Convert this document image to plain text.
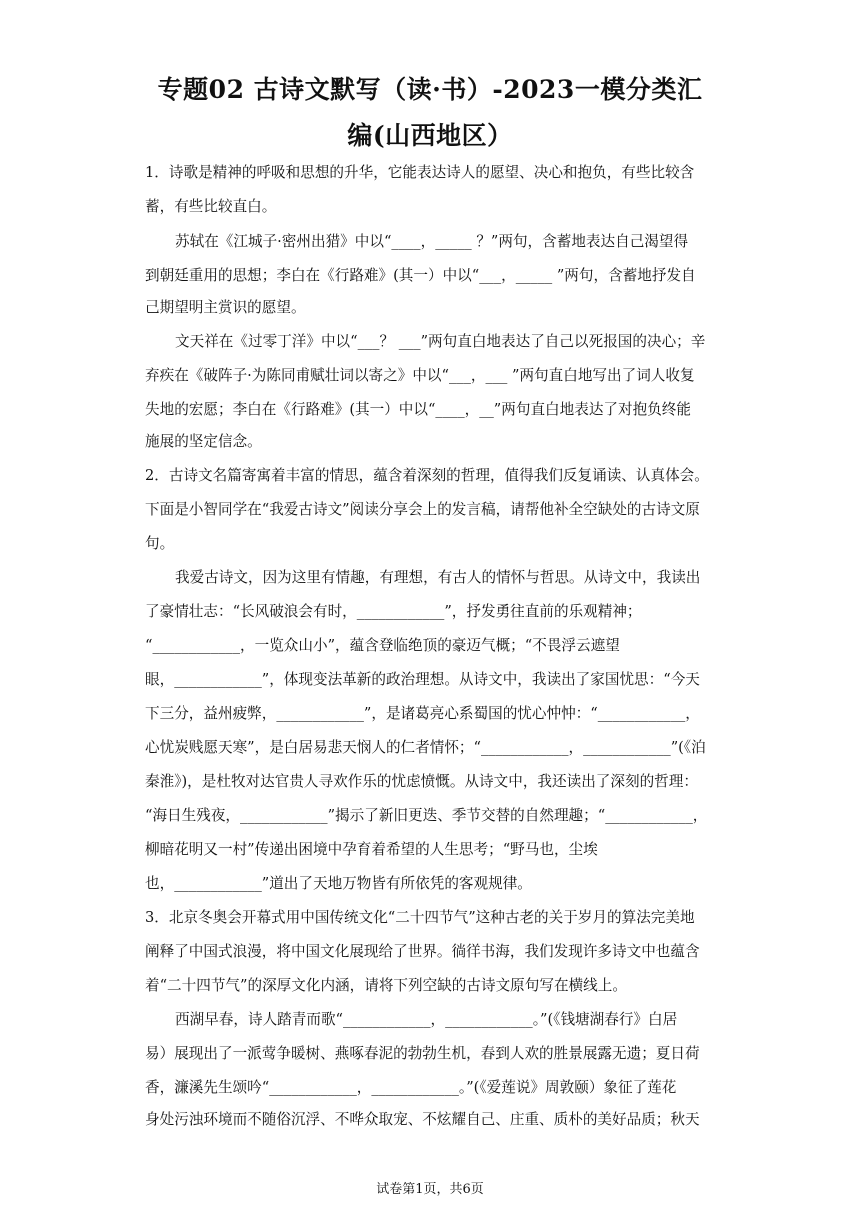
专题02 古诗文默写（读·书）-2023一模分类汇
编(山西地区）
1．诗歌是精神的呼吸和思想的升华，它能表达诗人的愿望、决心和抱负，有些比较含
蓄，有些比较直白。
苏轼在《江城子·密州出猎》中以“____，_____ ？”两句，含蓄地表达自己渴望得
到朝廷重用的思想；李白在《行路难》(其一）中以“___，_____ ”两句，含蓄地抒发自
己期望明主赏识的愿望。
文天祥在《过零丁洋》中以“___？ ___”两句直白地表达了自己以死报国的决心；辛
弃疾在《破阵子·为陈同甫赋壮词以寄之》中以“___，___ ”两句直白地写出了词人收复
失地的宏愿；李白在《行路难》(其一）中以“____，__”两句直白地表达了对抱负终能
施展的坚定信念。
2．古诗文名篇寄寓着丰富的情思，蕴含着深刻的哲理，值得我们反复诵读、认真体会。
下面是小智同学在“我爱古诗文”阅读分享会上的发言稿，请帮他补全空缺处的古诗文原
句。
我爱古诗文，因为这里有情趣，有理想，有古人的情怀与哲思。从诗文中，我读出
了豪情壮志：“长风破浪会有时，____________”，抒发勇往直前的乐观精神；
“____________，一览众山小”，蕴含登临绝顶的豪迈气概；“不畏浮云遮望
眼，____________”，体现变法革新的政治理想。从诗文中，我读出了家国忧思：“今天
下三分，益州疲弊，____________”，是诸葛亮心系蜀国的忧心忡忡：“____________，
心忧炭贱愿天寒”，是白居易悲天悯人的仁者情怀；“____________，____________”(《泊
秦淮》)，是杜牧对达官贵人寻欢作乐的忧虑愤慨。从诗文中，我还读出了深刻的哲理：
“海日生残夜，____________”揭示了新旧更迭、季节交替的自然理趣；“____________，
柳暗花明又一村”传递出困境中孕育着希望的人生思考；“野马也，尘埃
也，____________”道出了天地万物皆有所依凭的客观规律。
3．北京冬奥会开幕式用中国传统文化“二十四节气”这种古老的关于岁月的算法完美地
阐释了中国式浪漫，将中国文化展现给了世界。徜徉书海，我们发现许多诗文中也蕴含
着“二十四节气”的深厚文化内涵，请将下列空缺的古诗文原句写在横线上。
西湖早春，诗人踏青而歌“____________，____________。”(《钱塘湖春行》白居
易）展现出了一派莺争暖树、燕啄春泥的勃勃生机，春到人欢的胜景展露无遗；夏日荷
香，濂溪先生颂吟“____________，____________。”(《爱莲说》周敦颐）象征了莲花
身处污浊环境而不随俗沉浮、不哗众取宠、不炫耀自己、庄重、质朴的美好品质；秋天
试卷第1页，共6页
